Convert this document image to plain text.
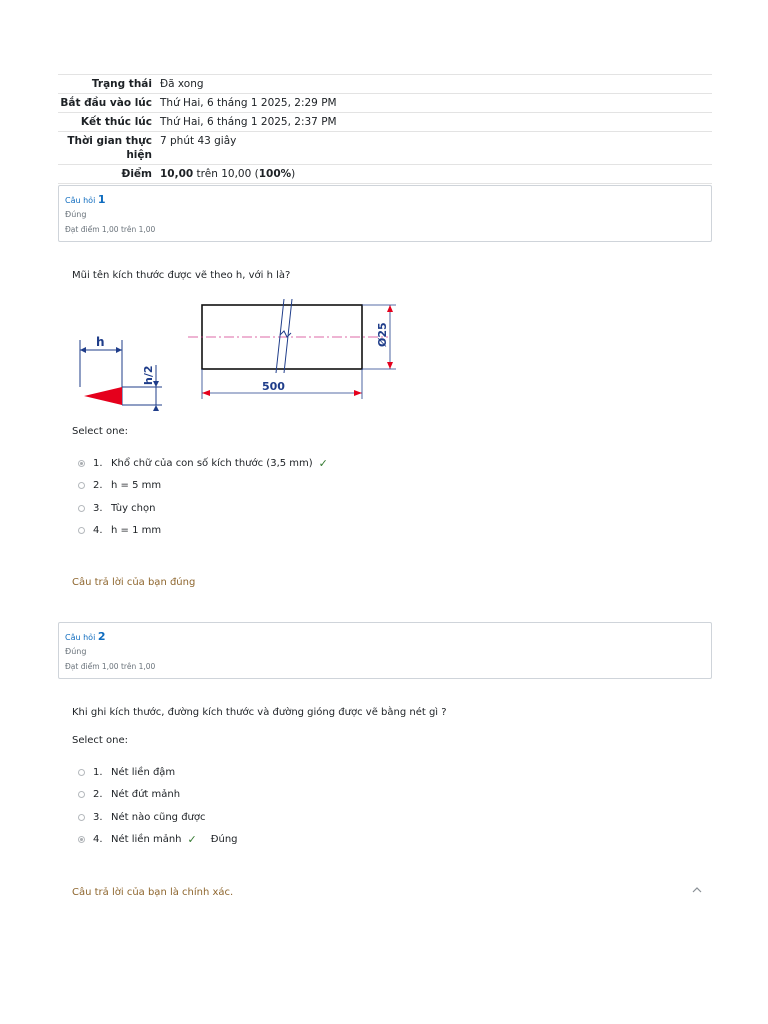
Trạng thái Đã xong
Bắt đầu vào lúc Thứ Hai, 6 tháng 1 2025, 2:29 PM
Kết thúc lúc Thứ Hai, 6 tháng 1 2025, 2:37 PM
Thời gian thực hiện
7 phút 43 giây
Điểm 10,00 trên 10,00 (100%)
Câu hỏi 1
Đúng
Đạt điểm 1,00 trên 1,00
Mũi tên kích thước được vẽ theo h, với h là?
h
h/2
Ø25
500
Select one:
1. Khổ chữ của con số kích thước (3,5 mm) ✓
2. h = 5 mm
3. Tùy chọn
4. h = 1 mm
Câu trả lời của bạn đúng
Câu hỏi 2
Đúng
Đạt điểm 1,00 trên 1,00
Khi ghi kích thước, đường kích thước và đường gióng được vẽ bằng nét gì ?
Select one:
1. Nét liền đậm
2. Nét đứt mảnh
3. Nét nào cũng được
4. Nét liền mảnh ✓ Đúng
Câu trả lời của bạn là chính xác.
